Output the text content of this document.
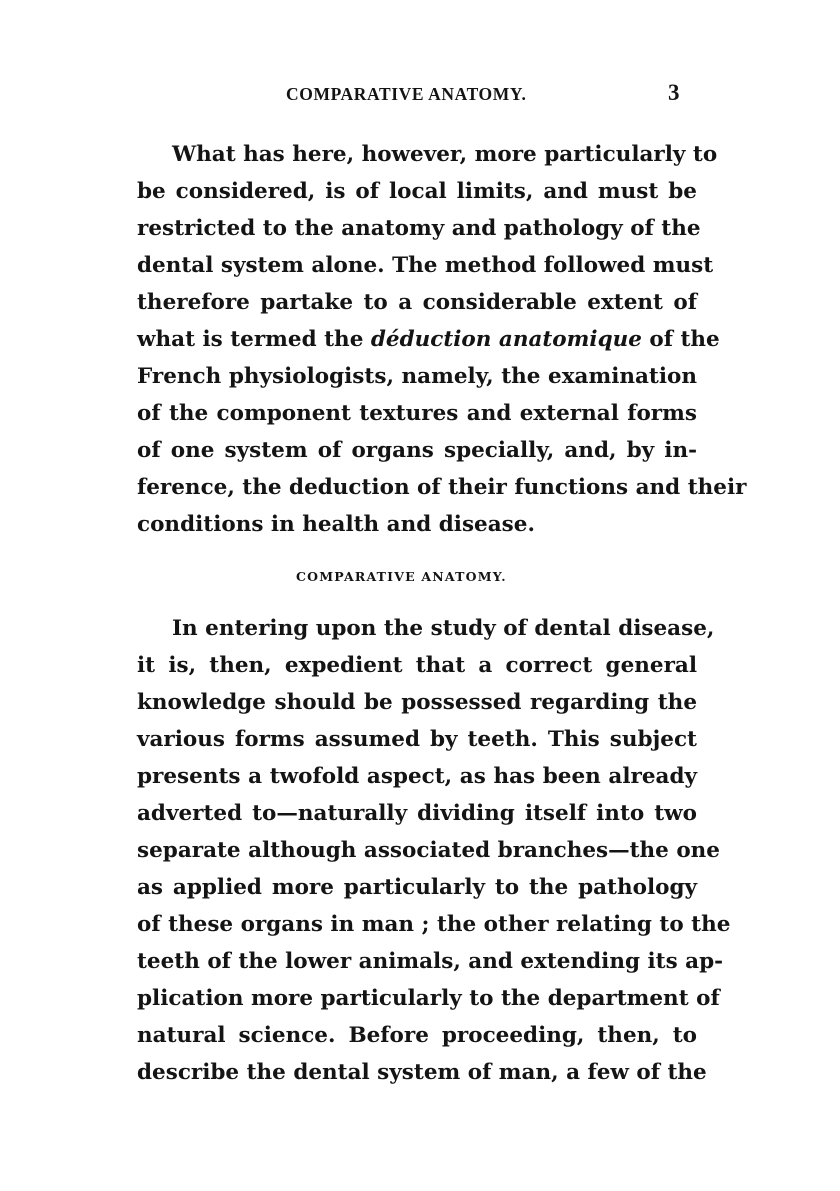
COMPARATIVE ANATOMY.	3
What has here, however, more particularly to
be considered, is of local limits, and must be
restricted to the anatomy and pathology of the
dental system alone. The method followed must
therefore partake to a considerable extent of
what is termed the déduction anatomique of the
French physiologists, namely, the examination
of the component textures and external forms
of one system of organs specially, and, by in-
ference, the deduction of their functions and their
conditions in health and disease.
COMPARATIVE ANATOMY.
In entering upon the study of dental disease,
it is, then, expedient that a correct general
knowledge should be possessed regarding the
various forms assumed by teeth. This subject
presents a twofold aspect, as has been already
adverted to—naturally dividing itself into two
separate although associated branches—the one
as applied more particularly to the pathology
of these organs in man ; the other relating to the
teeth of the lower animals, and extending its ap-
plication more particularly to the department of
natural science. Before proceeding, then, to
describe the dental system of man, a few of the
